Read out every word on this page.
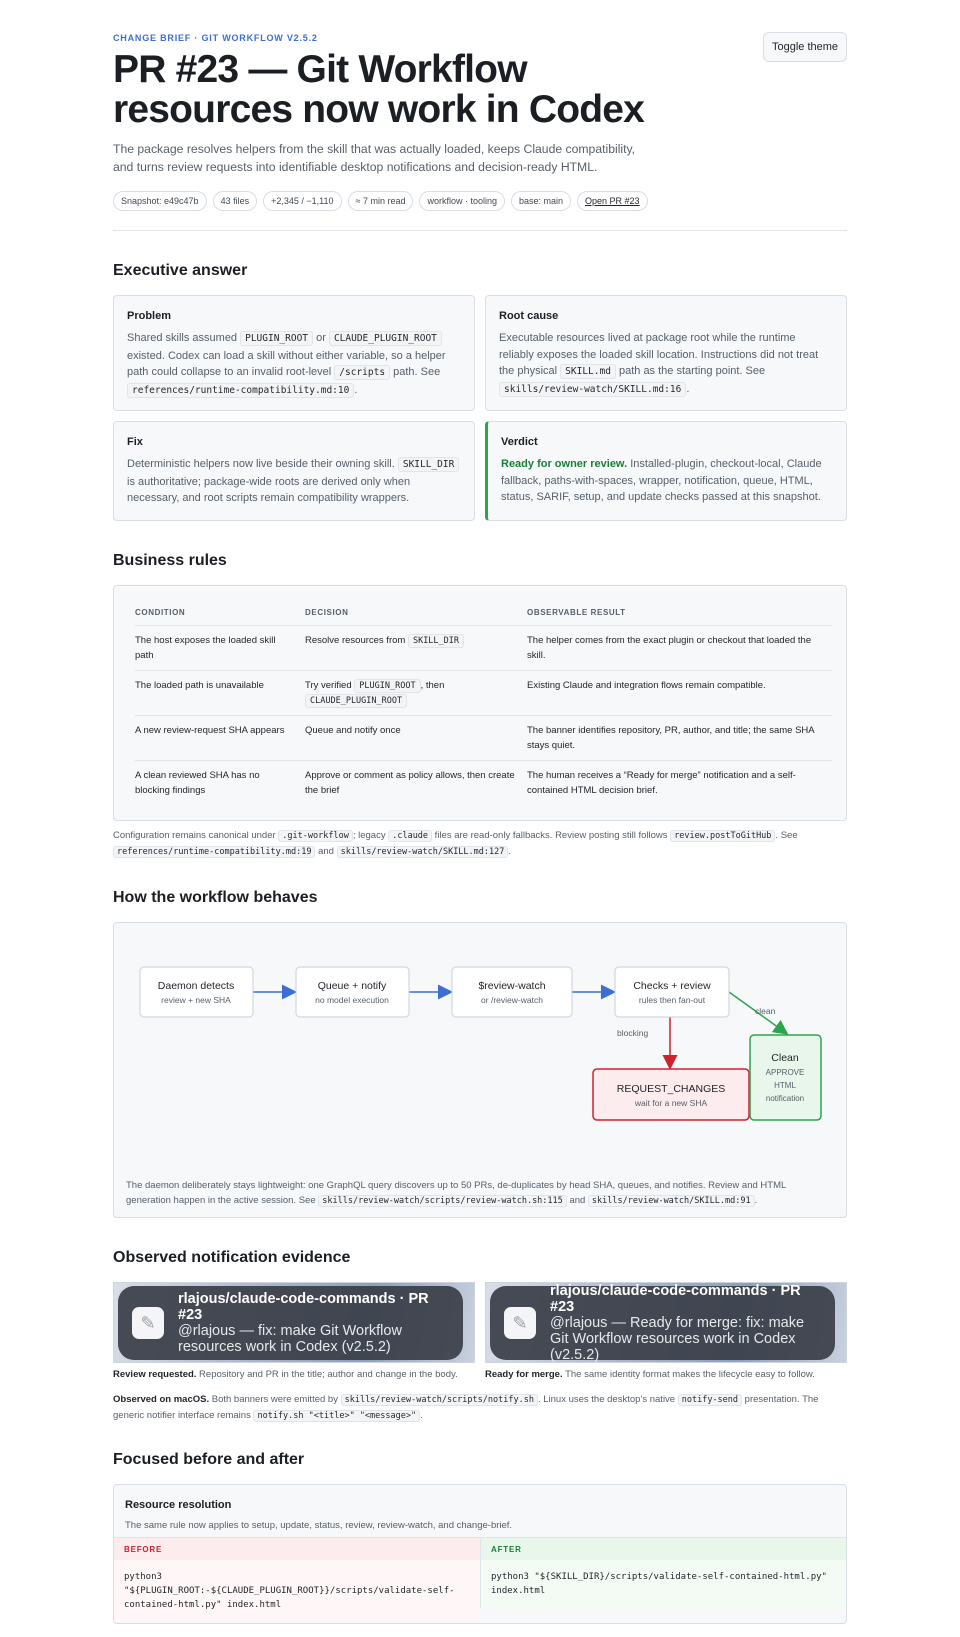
CHANGE BRIEF · GIT WORKFLOW V2.5.2
PR #23 — Git Workflow resources now work in Codex

The package resolves helpers from the skill that was actually loaded, keeps Claude compatibility, and turns review requests into identifiable desktop notifications and decision-ready HTML.

Toggle theme
Snapshot: e49c47b	43 files	+2,345 / −1,110	≈ 7 min read	workflow · tooling	base: main	Open PR #23
Executive answer
Problem

Shared skills assumed PLUGIN_ROOT or CLAUDE_PLUGIN_ROOT existed. Codex can load a skill without either variable, so a helper path could collapse to an invalid root-level /scripts path. See references/runtime-compatibility.md:10 .

Root cause

Executable resources lived at package root while the runtime reliably exposes the loaded skill location. Instructions did not treat the physical SKILL.md path as the starting point. See skills/review-watch/SKILL.md:16 .

Fix

Deterministic helpers now live beside their owning skill. SKILL_DIR is authoritative; package-wide roots are derived only when necessary, and root scripts remain compatibility wrappers.

Verdict

Ready for owner review. Installed-plugin, checkout-local, Claude fallback, paths-with-spaces, wrapper, notification, queue, HTML, status, SARIF, setup, and update checks passed at this snapshot.

Business rules
CONDITION	DECISION	OBSERVABLE RESULT
The host exposes the loaded skill path	Resolve resources from SKILL_DIR	The helper comes from the exact plugin or checkout that loaded the skill.
The loaded path is unavailable	Try verified PLUGIN_ROOT , then CLAUDE_PLUGIN_ROOT	Existing Claude and integration flows remain compatible.
A new review-request SHA appears	Queue and notify once	The banner identifies repository, PR, author, and title; the same SHA stays quiet.
A clean reviewed SHA has no blocking findings	Approve or comment as policy allows, then create the brief	The human receives a “Ready for merge” notification and a self-contained HTML decision brief.

Configuration remains canonical under .git-workflow ; legacy .claude files are read-only fallbacks. Review posting still follows review.postToGitHub . See references/runtime-compatibility.md:19 and skills/review-watch/SKILL.md:127 .

How the workflow behaves
clean
blocking
Daemon detects
review + new SHA
Queue + notify
no model execution
$review-watch
or /review-watch
Checks + review
rules then fan-out
REQUEST_CHANGES
wait for a new SHA
Clean
APPROVE
HTML
notification

The daemon deliberately stays lightweight: one GraphQL query discovers up to 50 PRs, de-duplicates by head SHA, queues, and notifies. Review and HTML generation happen in the active session. See skills/review-watch/scripts/review-watch.sh:115 and skills/review-watch/SKILL.md:91 .

Observed notification evidence
✎
rlajous/claude-code-commands · PR #23
@rlajous — fix: make Git Workflow resources work in Codex (v2.5.2)
✎
rlajous/claude-code-commands · PR #23
@rlajous — Ready for merge: fix: make Git Workflow resources work in Codex (v2.5.2)

Review requested. Repository and PR in the title; author and change in the body.	Ready for merge. The same identity format makes the lifecycle easy to follow.

Observed on macOS. Both banners were emitted by skills/review-watch/scripts/notify.sh . Linux uses the desktop’s native notify-send presentation. The generic notifier interface remains notify.sh "<title>" "<message>" .

Focused before and after
Resource resolution
The same rule now applies to setup, update, status, review, review-watch, and change-brief.
BEFORE
python3 "${PLUGIN_ROOT:-${CLAUDE_PLUGIN_ROOT}}/scripts/validate-self-contained-html.py" index.html
AFTER
python3 "${SKILL_DIR}/scripts/validate-self-contained-html.py" index.html
